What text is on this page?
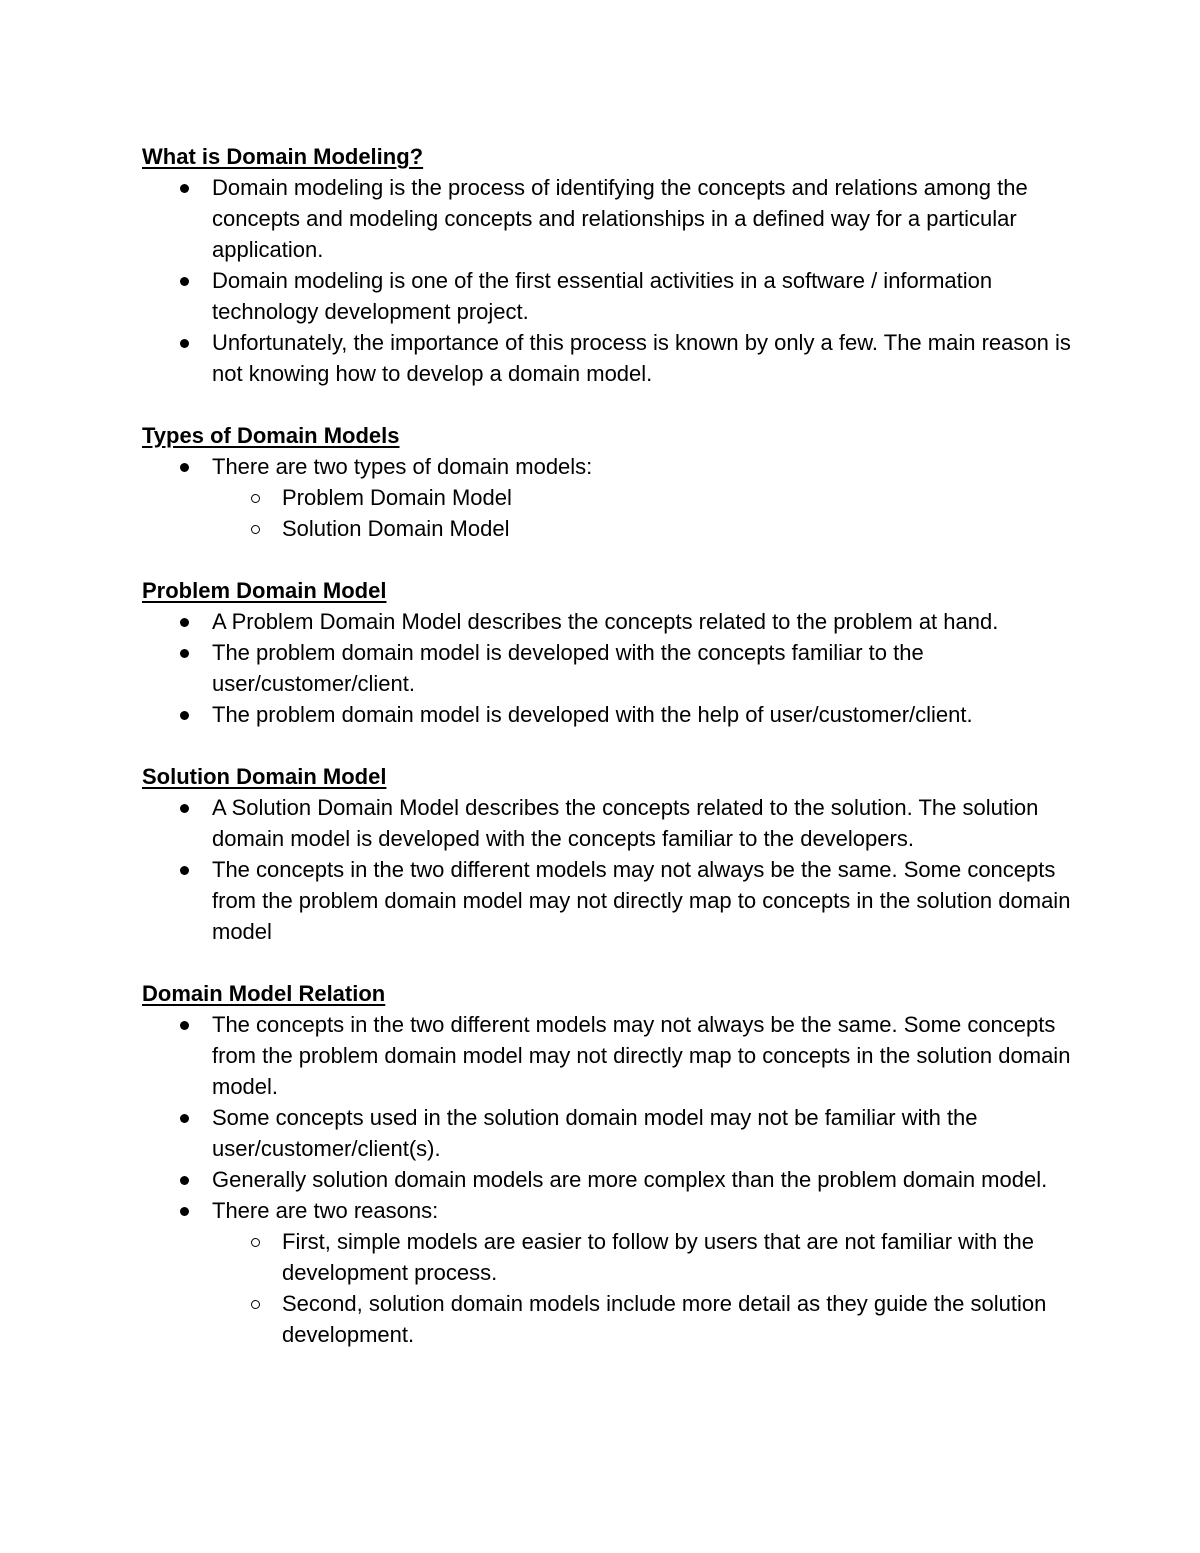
What is Domain Modeling?
Domain modeling is the process of identifying the concepts and relations among the concepts and modeling concepts and relationships in a defined way for a particular application.
Domain modeling is one of the first essential activities in a software / information technology development project.
Unfortunately, the importance of this process is known by only a few. The main reason is not knowing how to develop a domain model.
Types of Domain Models
There are two types of domain models:
Problem Domain Model
Solution Domain Model
Problem Domain Model
A Problem Domain Model describes the concepts related to the problem at hand.
The problem domain model is developed with the concepts familiar to the user/customer/client.
The problem domain model is developed with the help of user/customer/client.
Solution Domain Model
A Solution Domain Model describes the concepts related to the solution. The solution domain model is developed with the concepts familiar to the developers.
The concepts in the two different models may not always be the same. Some concepts from the problem domain model may not directly map to concepts in the solution domain model
Domain Model Relation
The concepts in the two different models may not always be the same. Some concepts from the problem domain model may not directly map to concepts in the solution domain model.
Some concepts used in the solution domain model may not be familiar with the user/customer/client(s).
Generally solution domain models are more complex than the problem domain model.
There are two reasons:
First, simple models are easier to follow by users that are not familiar with the development process.
Second, solution domain models include more detail as they guide the solution development.
